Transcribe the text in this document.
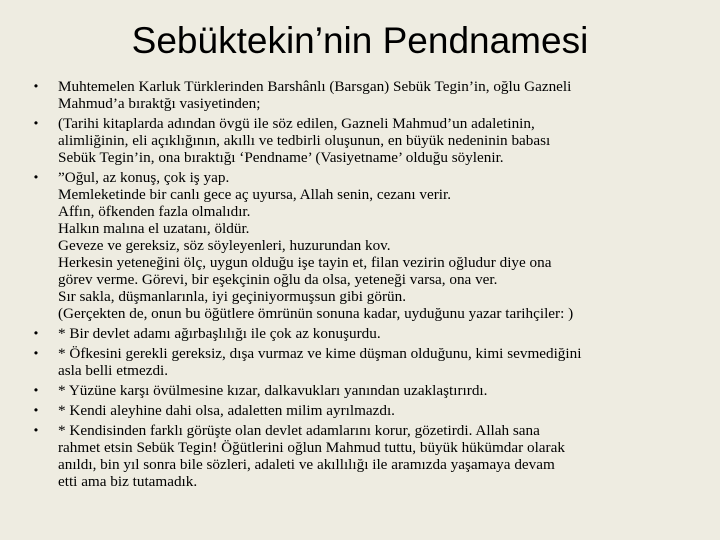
Sebüktekin’nin Pendnamesi
• Muhtemelen Karluk Türklerinden Barshânlı (Barsgan) Sebük Tegin’in, oğlu Gazneli
Mahmud’a bıraktğı vasiyetinden;
• (Tarihi kitaplarda adından övgü ile söz edilen, Gazneli Mahmud’un adaletinin,
alimliğinin, eli açıklığının, akıllı ve tedbirli oluşunun, en büyük nedeninin babası
Sebük Tegin’in, ona bıraktığı ‘Pendname’ (Vasiyetname’ olduğu söylenir.
• ”Oğul, az konuş, çok iş yap.
Memleketinde bir canlı gece aç uyursa, Allah senin, cezanı verir.
Affın, öfkenden fazla olmalıdır.
Halkın malına el uzatanı, öldür.
Geveze ve gereksiz, söz söyleyenleri, huzurundan kov.
Herkesin yeteneğini ölç, uygun olduğu işe tayin et, filan vezirin oğludur diye ona
görev verme. Görevi, bir eşekçinin oğlu da olsa, yeteneği varsa, ona ver.
Sır sakla, düşmanlarınla, iyi geçiniyormuşsun gibi görün.
(Gerçekten de, onun bu öğütlere ömrünün sonuna kadar, uyduğunu yazar tarihçiler: )
• * Bir devlet adamı ağırbaşlılığı ile çok az konuşurdu.
• * Öfkesini gerekli gereksiz, dışa vurmaz ve kime düşman olduğunu, kimi sevmediğini
asla belli etmezdi.
• * Yüzüne karşı övülmesine kızar, dalkavukları yanından uzaklaştırırdı.
• * Kendi aleyhine dahi olsa, adaletten milim ayrılmazdı.
• * Kendisinden farklı görüşte olan devlet adamlarını korur, gözetirdi. Allah sana
rahmet etsin Sebük Tegin! Öğütlerini oğlun Mahmud tuttu, büyük hükümdar olarak
anıldı, bin yıl sonra bile sözleri, adaleti ve akıllılığı ile aramızda yaşamaya devam
etti ama biz tutamadık.
